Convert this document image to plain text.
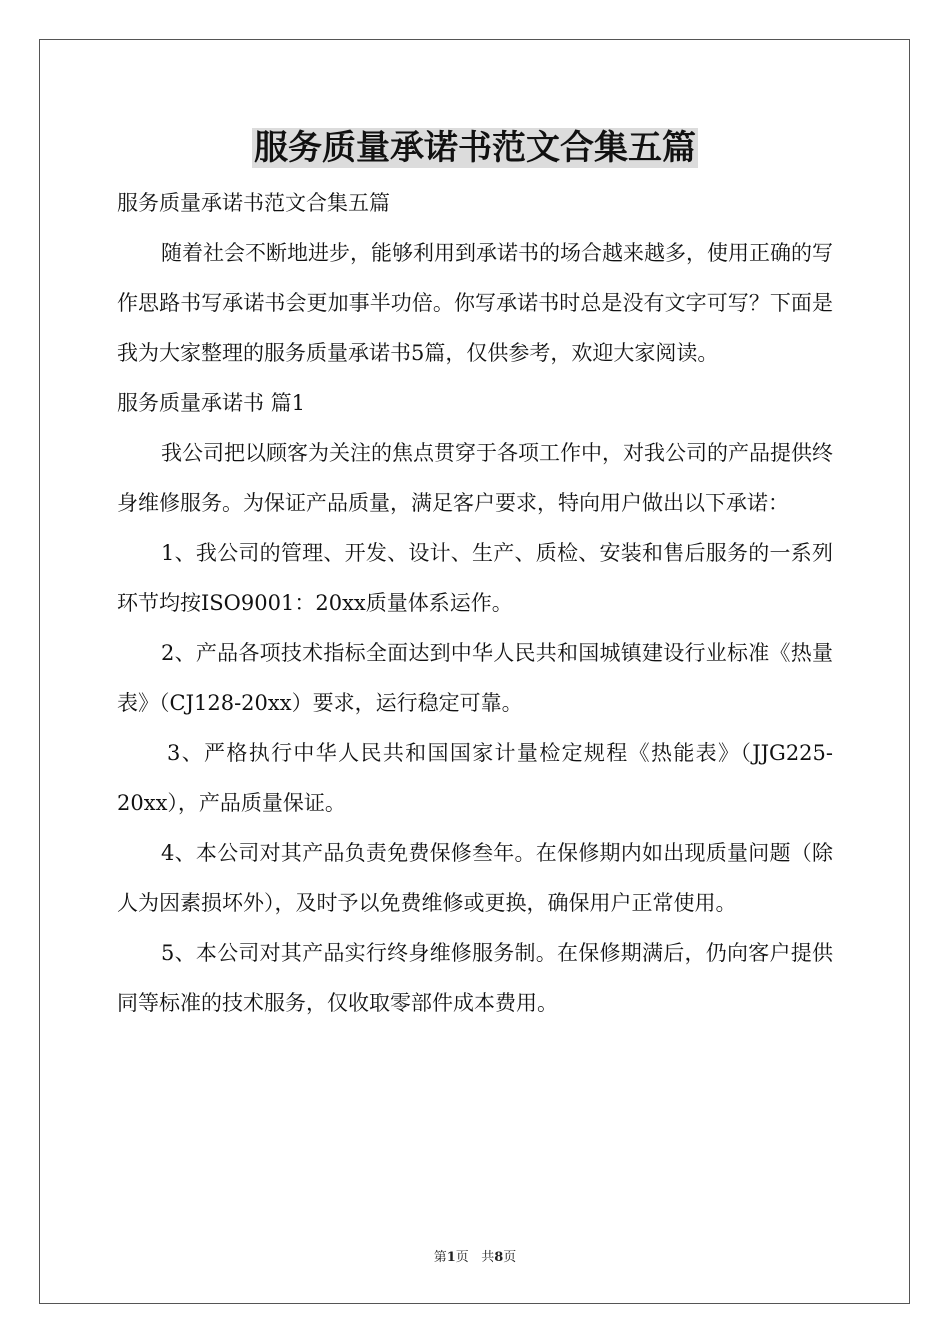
服务质量承诺书范文合集五篇

服务质量承诺书范文合集五篇

随着社会不断地进步，能够利用到承诺书的场合越来越多，使用正确的写作思路书写承诺书会更加事半功倍。你写承诺书时总是没有文字可写？下面是我为大家整理的服务质量承诺书5篇，仅供参考，欢迎大家阅读。

服务质量承诺书 篇1

我公司把以顾客为关注的焦点贯穿于各项工作中，对我公司的产品提供终身维修服务。为保证产品质量，满足客户要求，特向用户做出以下承诺：

1、我公司的管理、开发、设计、生产、质检、安装和售后服务的一系列环节均按ISO9001：20xx质量体系运作。

2、产品各项技术指标全面达到中华人民共和国城镇建设行业标准《热量表》（CJ128-20xx）要求，运行稳定可靠。

3、严格执行中华人民共和国国家计量检定规程《热能表》（JJG225-20xx），产品质量保证。

4、本公司对其产品负责免费保修叁年。在保修期内如出现质量问题（除人为因素损坏外），及时予以免费维修或更换，确保用户正常使用。

5、本公司对其产品实行终身维修服务制。在保修期满后，仍向客户提供同等标准的技术服务，仅收取零部件成本费用。

第1页 共8页
